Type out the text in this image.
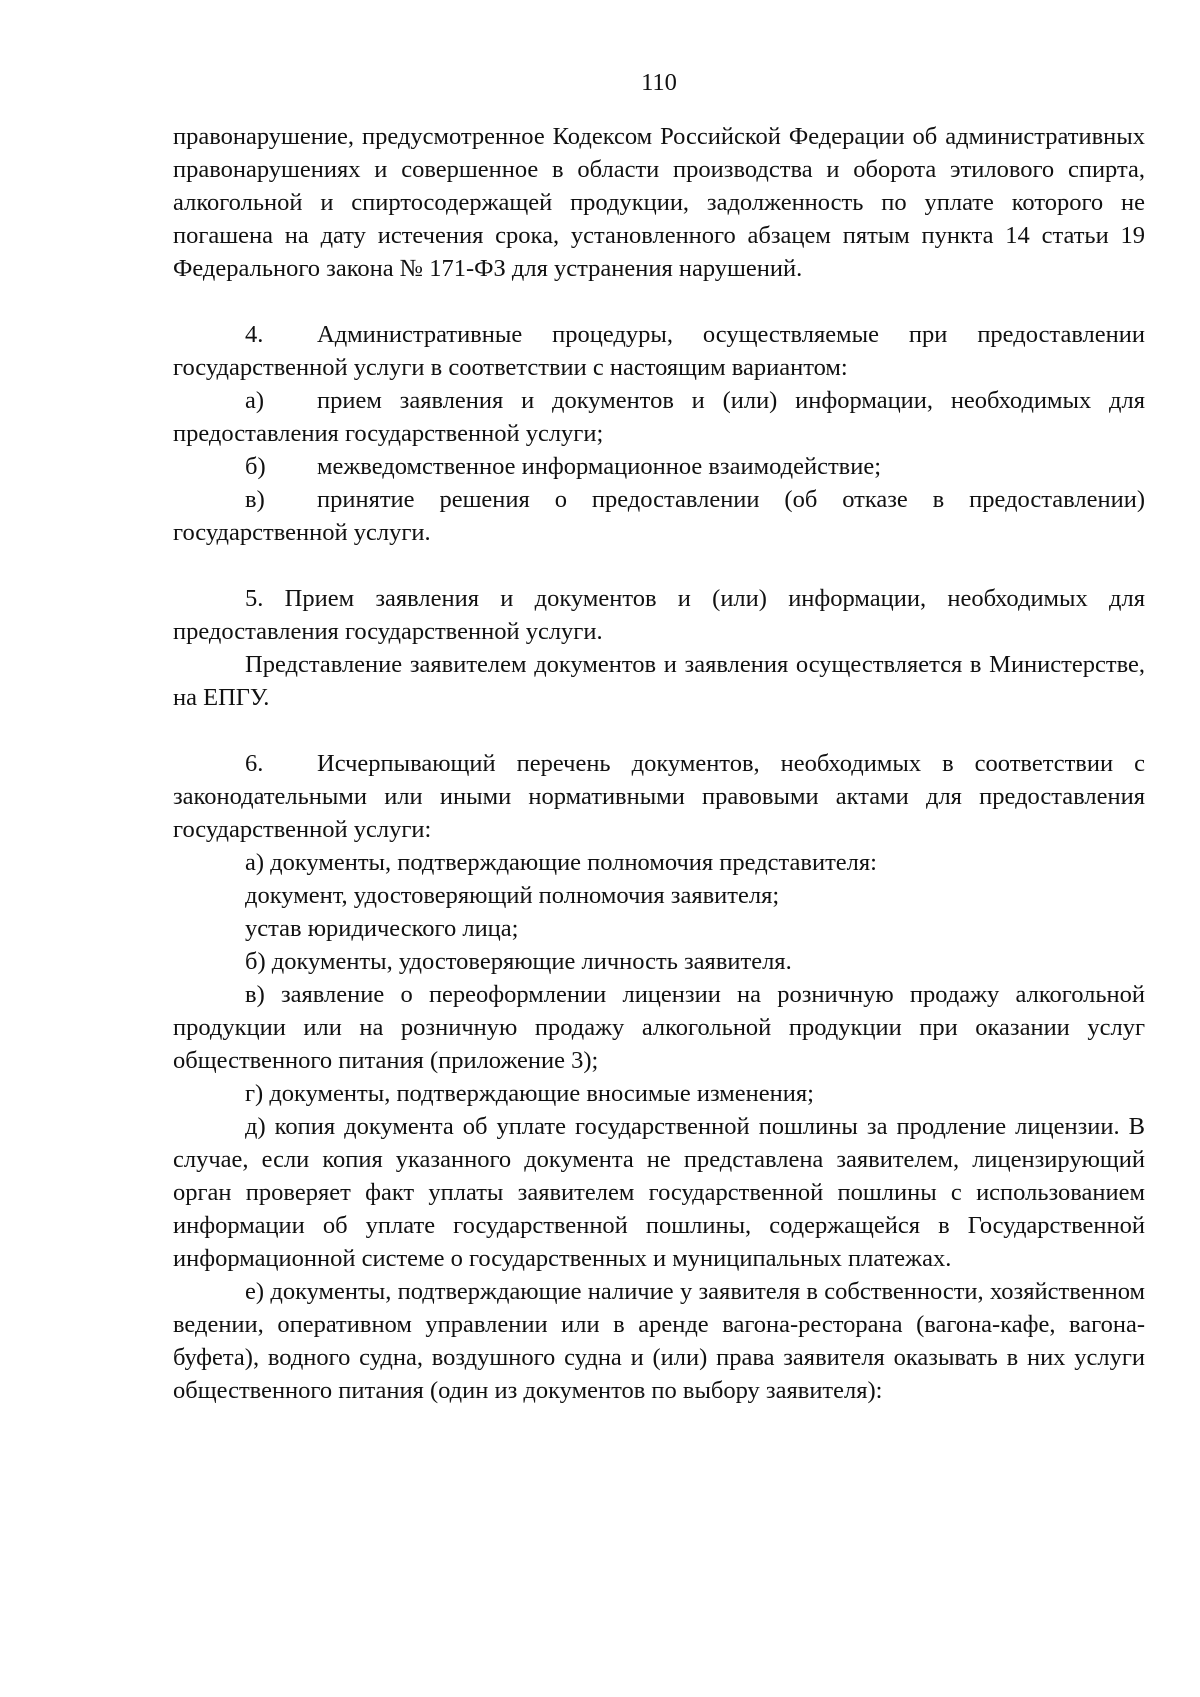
110

правонарушение, предусмотренное Кодексом Российской Федерации об административных правонарушениях и совершенное в области производства и оборота этилового спирта, алкогольной и спиртосодержащей продукции, задолженность по уплате которого не погашена на дату истечения срока, установленного абзацем пятым пункта 14 статьи 19 Федерального закона № 171-ФЗ для устранения нарушений.

4. Административные процедуры, осуществляемые при предоставлении государственной услуги в соответствии с настоящим вариантом:

а) прием заявления и документов и (или) информации, необходимых для предоставления государственной услуги;

б) межведомственное информационное взаимодействие;

в) принятие решения о предоставлении (об отказе в предоставлении) государственной услуги.

5. Прием заявления и документов и (или) информации, необходимых для предоставления государственной услуги.

Представление заявителем документов и заявления осуществляется в Министерстве, на ЕПГУ.

6. Исчерпывающий перечень документов, необходимых в соответствии с законодательными или иными нормативными правовыми актами для предоставления государственной услуги:

а) документы, подтверждающие полномочия представителя:

документ, удостоверяющий полномочия заявителя;

устав юридического лица;

б) документы, удостоверяющие личность заявителя.

в) заявление о переоформлении лицензии на розничную продажу алкогольной продукции или на розничную продажу алкогольной продукции при оказании услуг общественного питания (приложение 3);

г) документы, подтверждающие вносимые изменения;

д) копия документа об уплате государственной пошлины за продление лицензии. В случае, если копия указанного документа не представлена заявителем, лицензирующий орган проверяет факт уплаты заявителем государственной пошлины с использованием информации об уплате государственной пошлины, содержащейся в Государственной информационной системе о государственных и муниципальных платежах.

е) документы, подтверждающие наличие у заявителя в собственности, хозяйственном ведении, оперативном управлении или в аренде вагона-ресторана (вагона-кафе, вагона-буфета), водного судна, воздушного судна и (или) права заявителя оказывать в них услуги общественного питания (один из документов по выбору заявителя):
